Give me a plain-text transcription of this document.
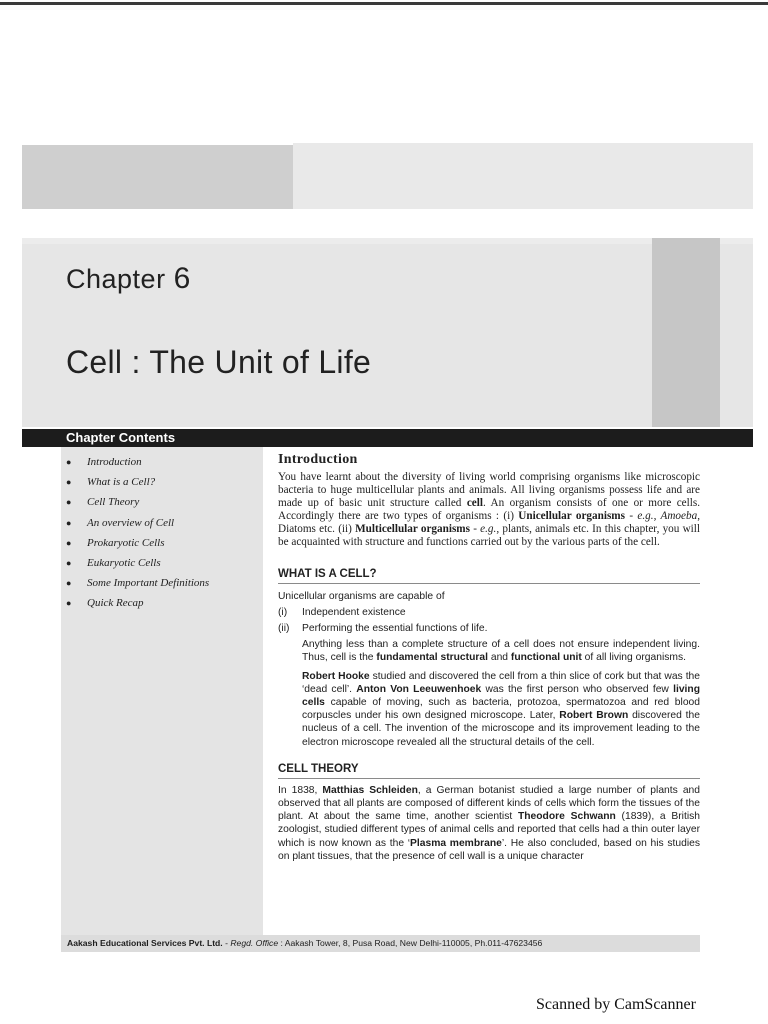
Chapter 6
Cell : The Unit of Life
Chapter Contents
● Introduction
● What is a Cell?
● Cell Theory
● An overview of Cell
● Prokaryotic Cells
● Eukaryotic Cells
● Some Important Definitions
● Quick Recap
Introduction

You have learnt about the diversity of living world comprising organisms like microscopic bacteria to huge multicellular plants and animals. All living organisms possess life and are made up of basic unit structure called cell. An organism consists of one or more cells. Accordingly there are two types of organisms : (i) Unicellular organisms - e.g., Amoeba, Diatoms etc. (ii) Multicellular organisms - e.g., plants, animals etc. In this chapter, you will be acquainted with structure and functions carried out by the various parts of the cell.

WHAT IS A CELL?

Unicellular organisms are capable of

(i) Independent existence
(ii) Performing the essential functions of life.

Anything less than a complete structure of a cell does not ensure independent living. Thus, cell is the fundamental structural and functional unit of all living organisms.

Robert Hooke studied and discovered the cell from a thin slice of cork but that was the ‘dead cell’. Anton Von Leeuwenhoek was the first person who observed few living cells capable of moving, such as bacteria, protozoa, spermatozoa and red blood corpuscles under his own designed microscope. Later, Robert Brown discovered the nucleus of a cell. The invention of the microscope and its improvement leading to the electron microscope revealed all the structural details of the cell.

CELL THEORY

In 1838, Matthias Schleiden, a German botanist studied a large number of plants and observed that all plants are composed of different kinds of cells which form the tissues of the plant. At about the same time, another scientist Theodore Schwann (1839), a British zoologist, studied different types of animal cells and reported that cells had a thin outer layer which is now known as the ‘Plasma membrane’. He also concluded, based on his studies on plant tissues, that the presence of cell wall is a unique character

Aakash Educational Services Pvt. Ltd. - Regd. Office : Aakash Tower, 8, Pusa Road, New Delhi-110005, Ph.011-47623456
Scanned by CamScanner
